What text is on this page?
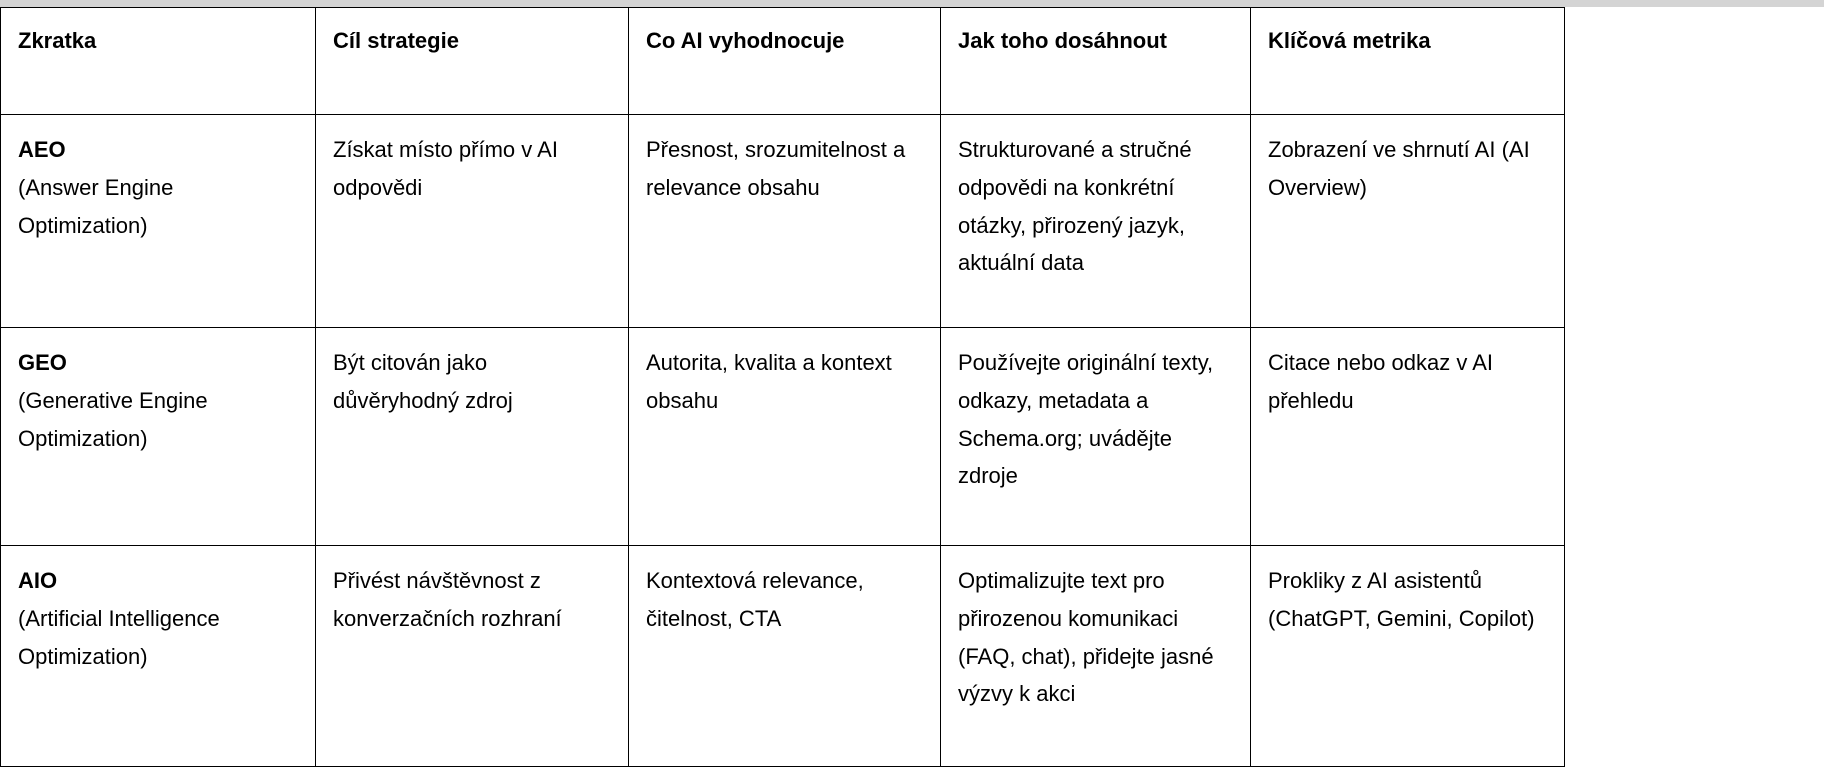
Zkratka	Cíl strategie	Co AI vyhodnocuje	Jak toho dosáhnout	Klíčová metrika

AEO
(Answer Engine Optimization)	Získat místo přímo v AI odpovědi	Přesnost, srozumitelnost a relevance obsahu	Strukturované a stručné odpovědi na konkrétní otázky, přirozený jazyk, aktuální data	Zobrazení ve shrnutí AI (AI Overview)

GEO
(Generative Engine Optimization)	Být citován jako důvěryhodný zdroj	Autorita, kvalita a kontext obsahu	Používejte originální texty, odkazy, metadata a Schema.org; uvádějte zdroje	Citace nebo odkaz v AI přehledu

AIO
(Artificial Intelligence Optimization)	Přivést návštěvnost z konverzačních rozhraní	Kontextová relevance, čitelnost, CTA	Optimalizujte text pro přirozenou komunikaci (FAQ, chat), přidejte jasné výzvy k akci	Prokliky z AI asistentů (ChatGPT, Gemini, Copilot)
